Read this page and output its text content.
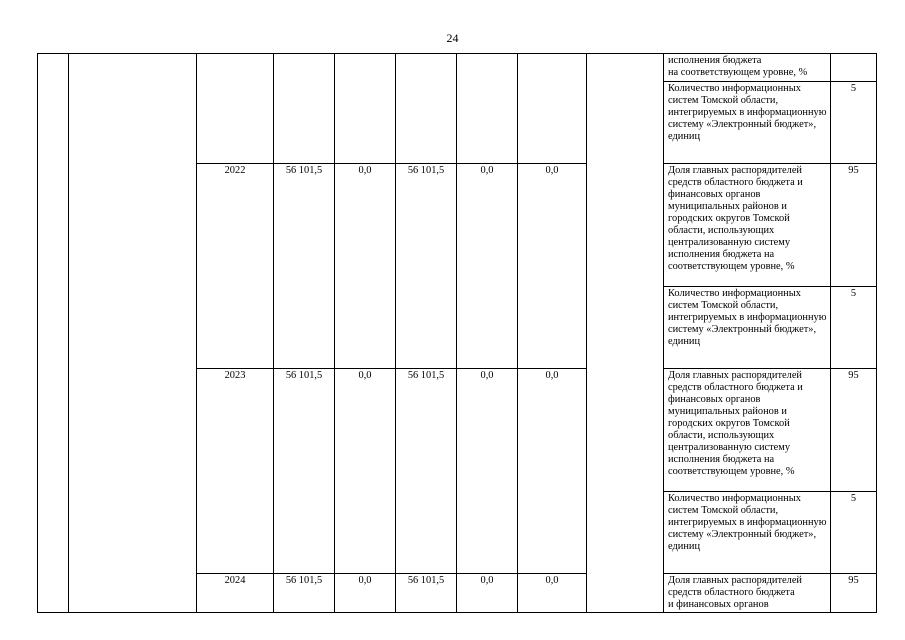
24
									исполнения бюджета
на соответствующем уровне, %	
									Количество информационных систем Томской области, интегрируемых в информационную систему «Электронный бюджет», единиц	5
		2022	56 101,5	0,0	56 101,5	0,0	0,0		Доля главных распорядителей средств областного бюджета и финансовых органов муниципальных районов и городских округов Томской области, использующих централизованную систему исполнения бюджета на соответствующем уровне, %	95
									Количество информационных систем Томской области, интегрируемых в информационную систему «Электронный бюджет», единиц	5
		2023	56 101,5	0,0	56 101,5	0,0	0,0		Доля главных распорядителей средств областного бюджета и финансовых органов муниципальных районов и городских округов Томской области, использующих централизованную систему исполнения бюджета на соответствующем уровне, %	95
									Количество информационных систем Томской области, интегрируемых в информационную систему «Электронный бюджет», единиц	5
		2024	56 101,5	0,0	56 101,5	0,0	0,0		Доля главных распорядителей средств областного бюджета
и финансовых органов	95
